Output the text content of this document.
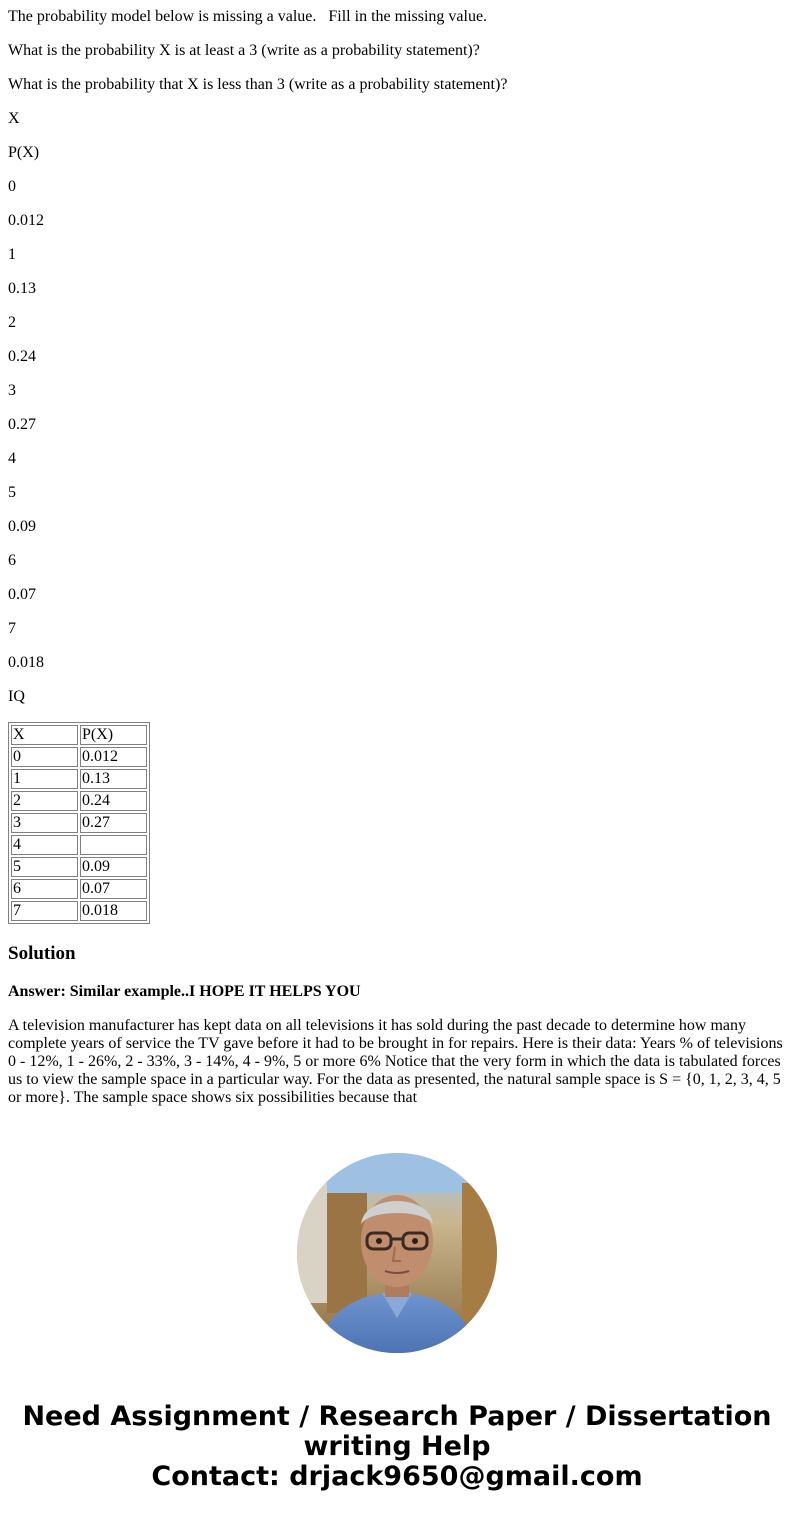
The probability model below is missing a value.   Fill in the missing value.

What is the probability X is at least a 3 (write as a probability statement)?

What is the probability that X is less than 3 (write as a probability statement)?

X

P(X)

0

0.012

1

0.13

2

0.24

3

0.27

4

5

0.09

6

0.07

7

0.018

IQ

X	P(X)
0	0.012
1	0.13
2	0.24
3	0.27
4	
5	0.09
6	0.07
7	0.018
Solution
Answer: Similar example..I HOPE IT HELPS YOU

A television manufacturer has kept data on all televisions it has sold during the past decade to determine how many complete years of service the TV gave before it had to be brought in for repairs. Here is their data: Years % of televisions 0 - 12%, 1 - 26%, 2 - 33%, 3 - 14%, 4 - 9%, 5 or more 6% Notice that the very form in which the data is tabulated forces us to view the sample space in a particular way. For the data as presented, the natural sample space is S = {0, 1, 2, 3, 4, 5 or more}. The sample space shows six possibilities because that

Need Assignment / Research Paper / Dissertation
writing Help
Contact: drjack9650@gmail.com
